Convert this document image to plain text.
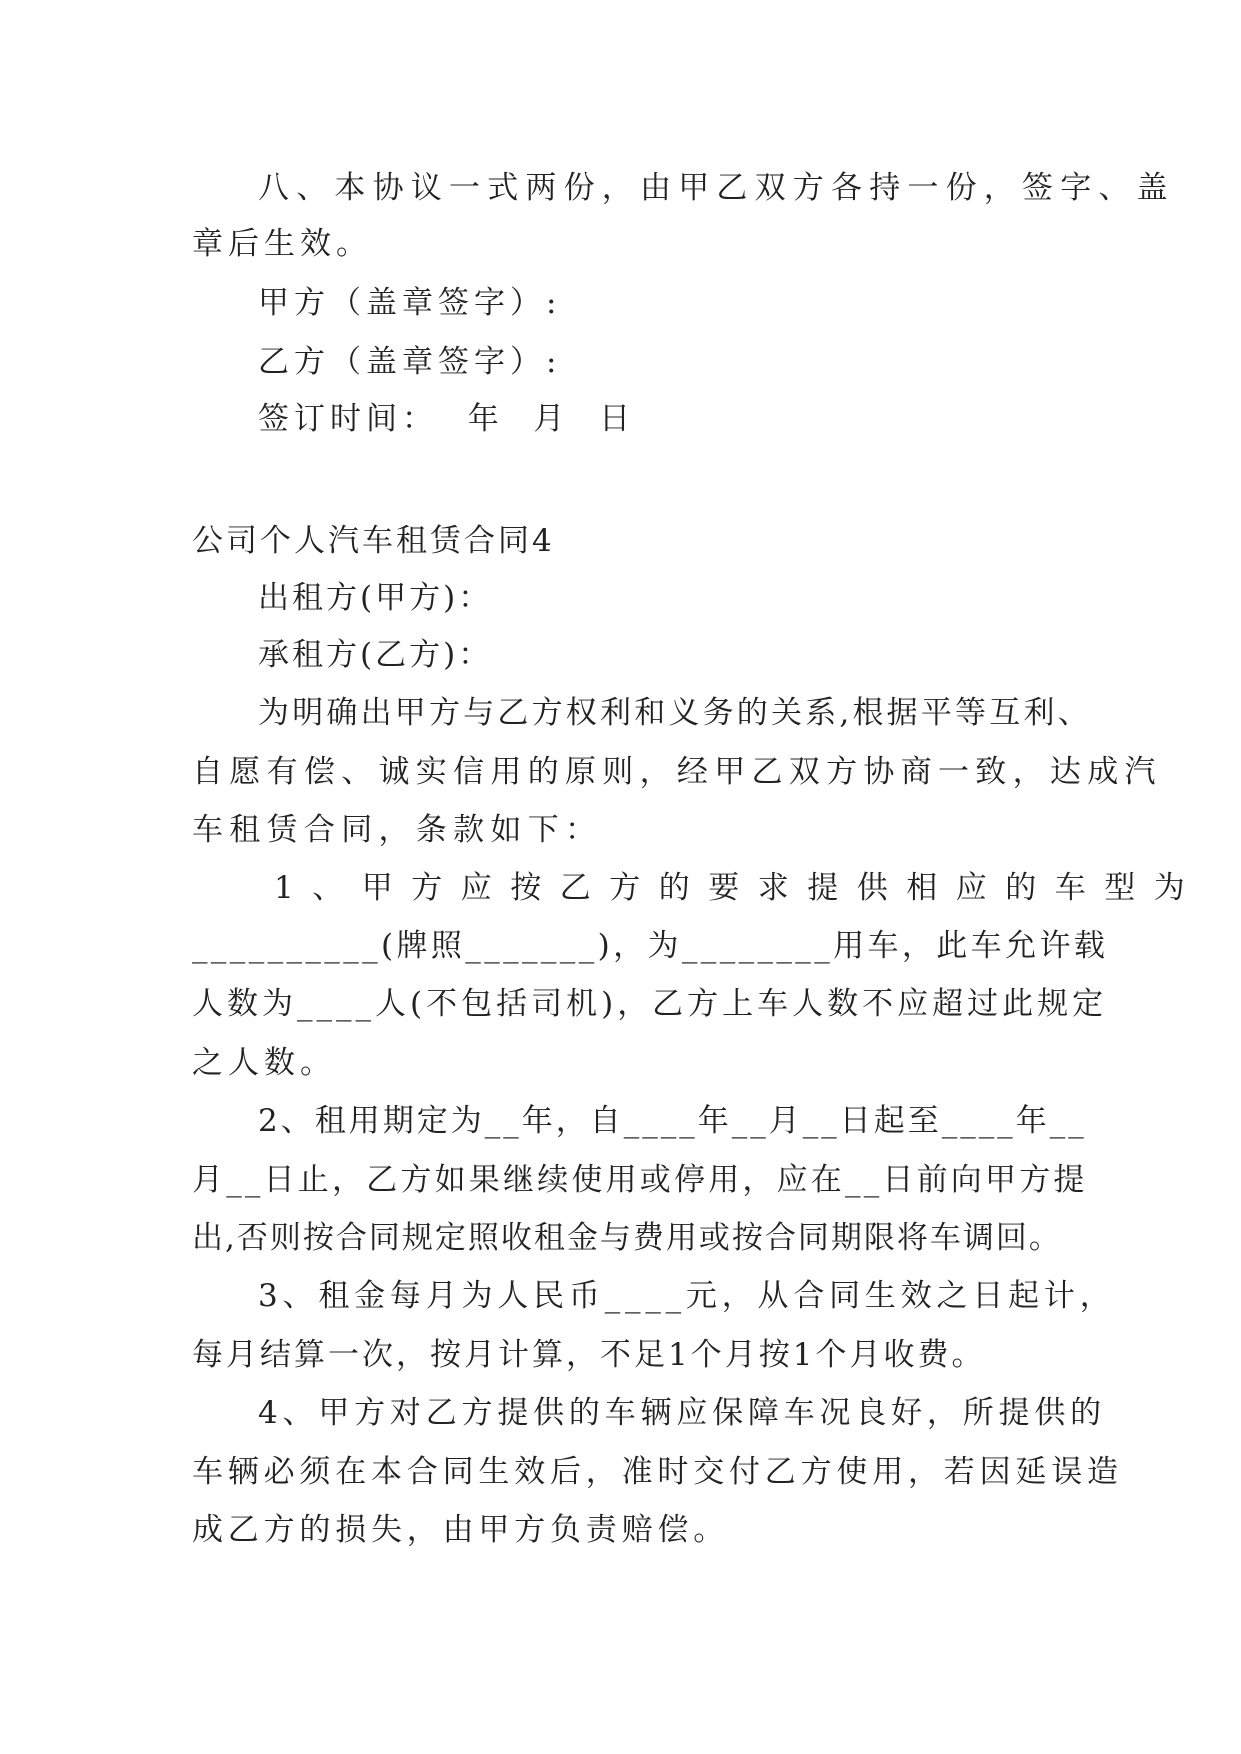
八、本协议一式两份，由甲乙双方各持一份，签字、盖
章后生效。
甲方（盖章签字）:
乙方（盖章签字）:
签订时间：  年  月  日
公司个人汽车租赁合同4
出租方(甲方)：
承租方(乙方)：
为明确出甲方与乙方权利和义务的关系,根据平等互利、
自愿有偿、诚实信用的原则，经甲乙双方协商一致，达成汽
车租赁合同，条款如下：
1、甲方应按乙方的要求提供相应的车型为
__________(牌照_______)，为________用车，此车允许载
人数为____人(不包括司机)，乙方上车人数不应超过此规定
之人数。
2、租用期定为__年，自____年__月__日起至____年__
月__日止，乙方如果继续使用或停用，应在__日前向甲方提
出,否则按合同规定照收租金与费用或按合同期限将车调回。
3、租金每月为人民币____元，从合同生效之日起计，
每月结算一次，按月计算，不足1个月按1个月收费。
4、甲方对乙方提供的车辆应保障车况良好，所提供的
车辆必须在本合同生效后，准时交付乙方使用，若因延误造
成乙方的损失，由甲方负责赔偿。
